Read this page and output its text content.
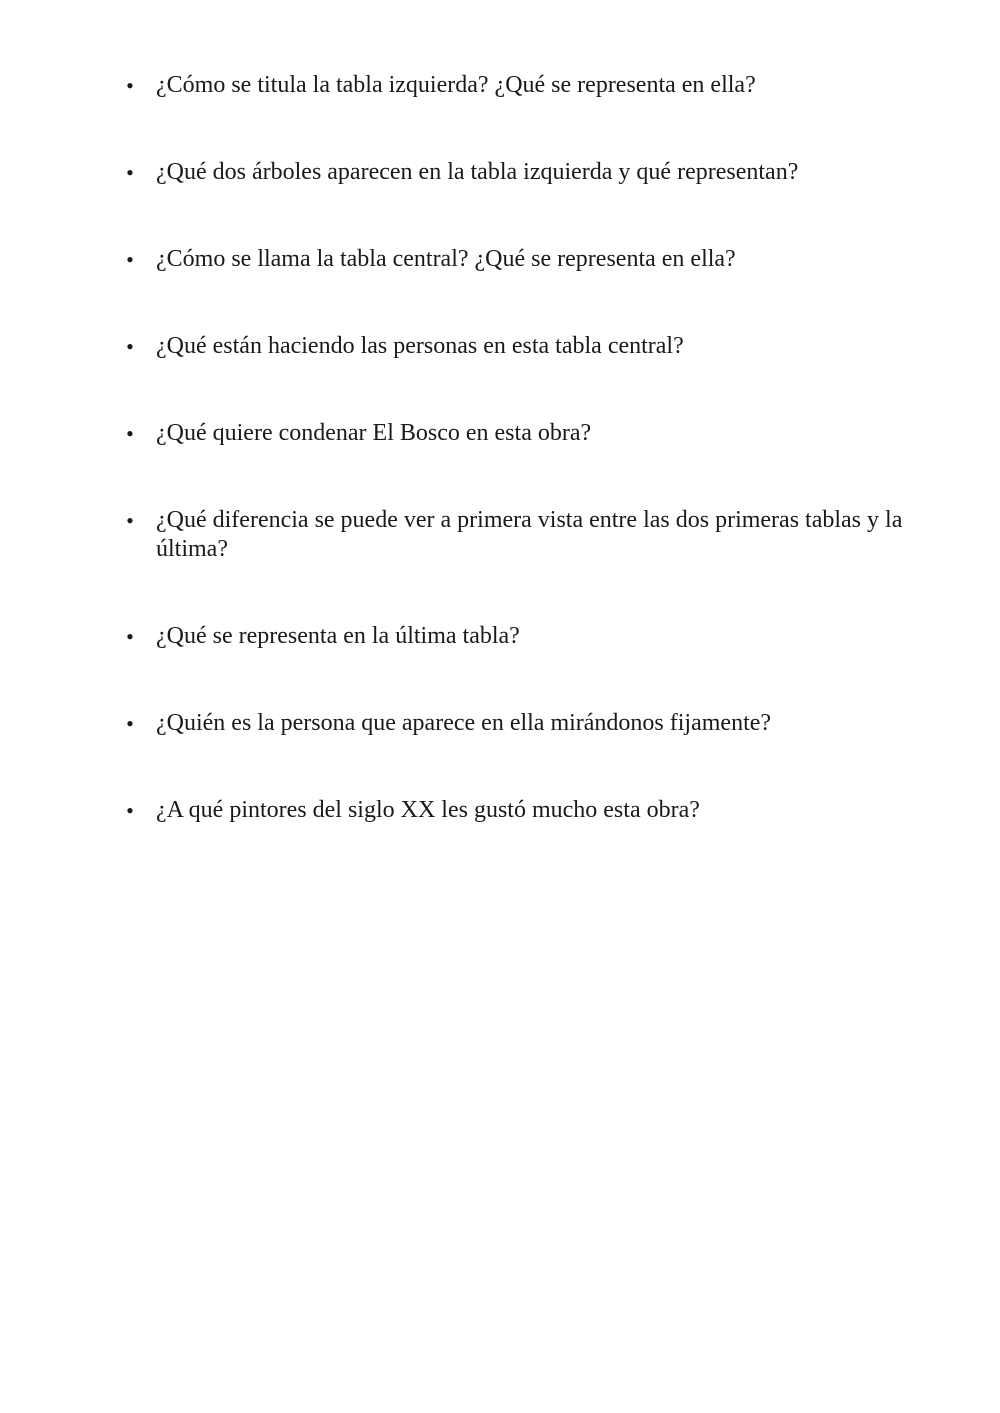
• ¿Cómo se titula la tabla izquierda? ¿Qué se representa en ella?
• ¿Qué dos árboles aparecen en la tabla izquierda y qué representan?
• ¿Cómo se llama la tabla central? ¿Qué se representa en ella?
• ¿Qué están haciendo las personas en esta tabla central?
• ¿Qué quiere condenar El Bosco en esta obra?
• ¿Qué diferencia se puede ver a primera vista entre las dos primeras tablas y la última?
• ¿Qué se representa en la última tabla?
• ¿Quién es la persona que aparece en ella mirándonos fijamente?
• ¿A qué pintores del siglo XX les gustó mucho esta obra?
